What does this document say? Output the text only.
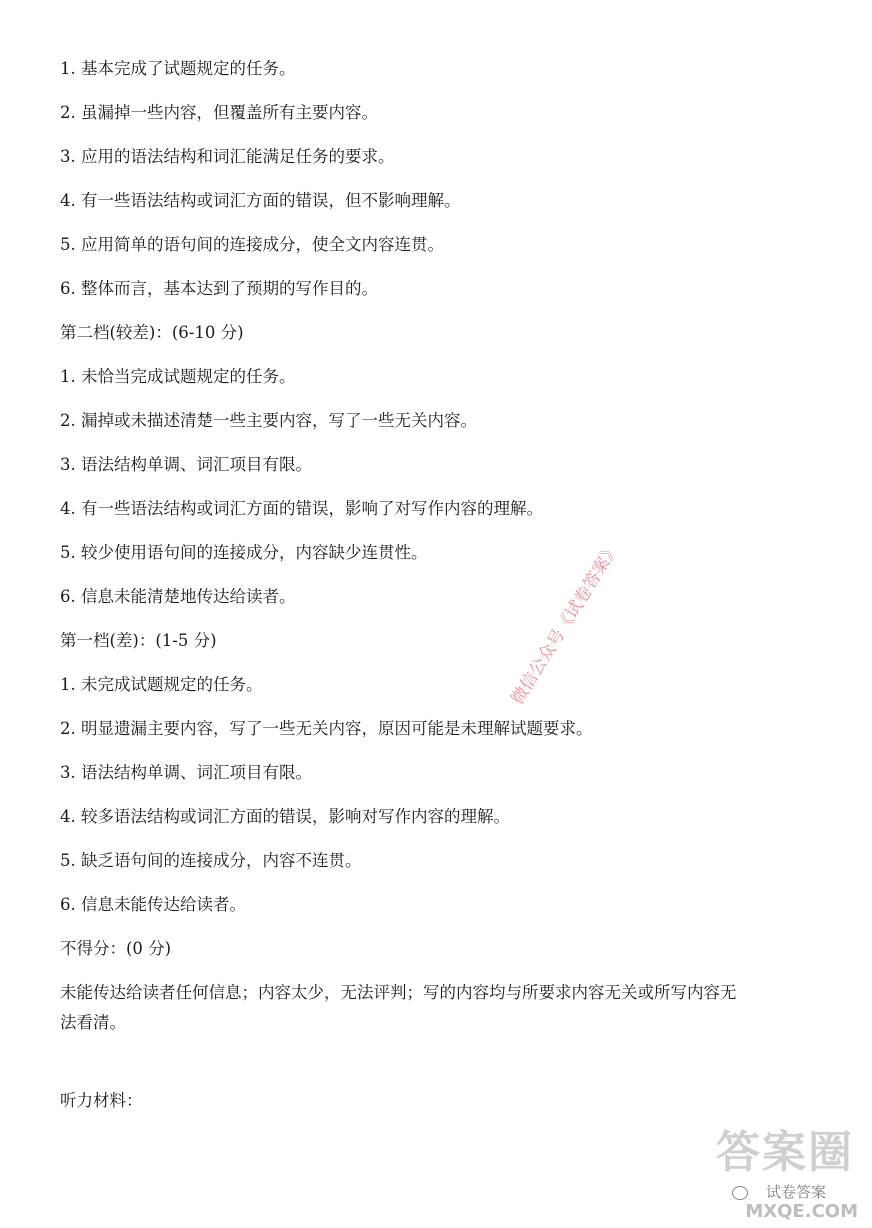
1. 基本完成了试题规定的任务。
2. 虽漏掉一些内容，但覆盖所有主要内容。
3. 应用的语法结构和词汇能满足任务的要求。
4. 有一些语法结构或词汇方面的错误，但不影响理解。
5. 应用简单的语句间的连接成分，使全文内容连贯。
6. 整体而言，基本达到了预期的写作目的。
第二档(较差)：(6-10 分)
1. 未恰当完成试题规定的任务。
2. 漏掉或未描述清楚一些主要内容，写了一些无关内容。
3. 语法结构单调、词汇项目有限。
4. 有一些语法结构或词汇方面的错误，影响了对写作内容的理解。
5. 较少使用语句间的连接成分，内容缺少连贯性。
6. 信息未能清楚地传达给读者。
第一档(差)：(1-5 分)
1. 未完成试题规定的任务。
2. 明显遗漏主要内容，写了一些无关内容，原因可能是未理解试题要求。
3. 语法结构单调、词汇项目有限。
4. 较多语法结构或词汇方面的错误，影响对写作内容的理解。
5. 缺乏语句间的连接成分，内容不连贯。
6. 信息未能传达给读者。
不得分：(0 分)
未能传达给读者任何信息；内容太少，无法评判；写的内容均与所要求内容无关或所写内容无法看清。
听力材料：
微信公众号《试卷答案》
答案圈
试卷答案
MXQE.COM
